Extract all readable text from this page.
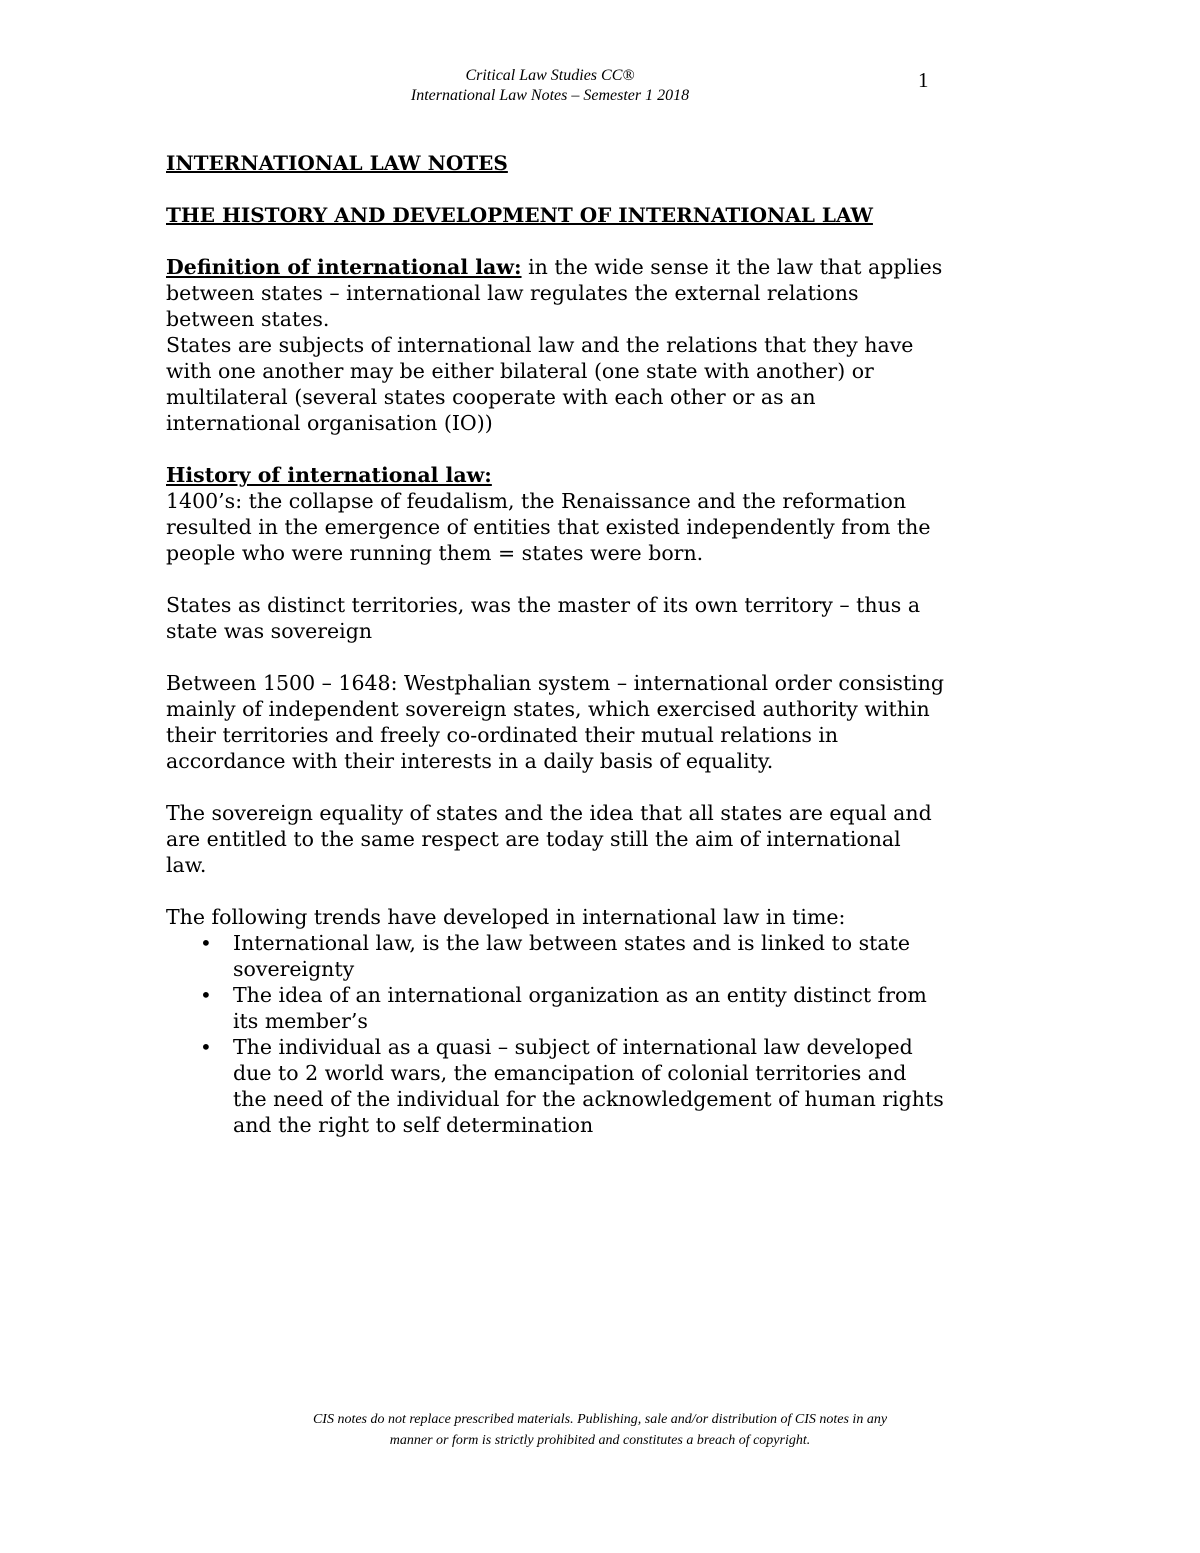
Critical Law Studies CC®
International Law Notes – Semester 1 2018
1

INTERNATIONAL LAW NOTES

THE HISTORY AND DEVELOPMENT OF INTERNATIONAL LAW

Definition of international law: in the wide sense it the law that applies between states – international law regulates the external relations between states.

States are subjects of international law and the relations that they have with one another may be either bilateral (one state with another) or multilateral (several states cooperate with each other or as an international organisation (IO))

History of international law:
1400’s: the collapse of feudalism, the Renaissance and the reformation resulted in the emergence of entities that existed independently from the people who were running them = states were born.

States as distinct territories, was the master of its own territory – thus a state was sovereign

Between 1500 – 1648: Westphalian system – international order consisting mainly of independent sovereign states, which exercised authority within their territories and freely co-ordinated their mutual relations in accordance with their interests in a daily basis of equality.

The sovereign equality of states and the idea that all states are equal and are entitled to the same respect are today still the aim of international law.

The following trends have developed in international law in time:

• International law, is the law between states and is linked to state sovereignty
• The idea of an international organization as an entity distinct from its member’s
• The individual as a quasi – subject of international law developed due to 2 world wars, the emancipation of colonial territories and the need of the individual for the acknowledgement of human rights and the right to self determination
CIS notes do not replace prescribed materials. Publishing, sale and/or distribution of CIS notes in any
manner or form is strictly prohibited and constitutes a breach of copyright.
